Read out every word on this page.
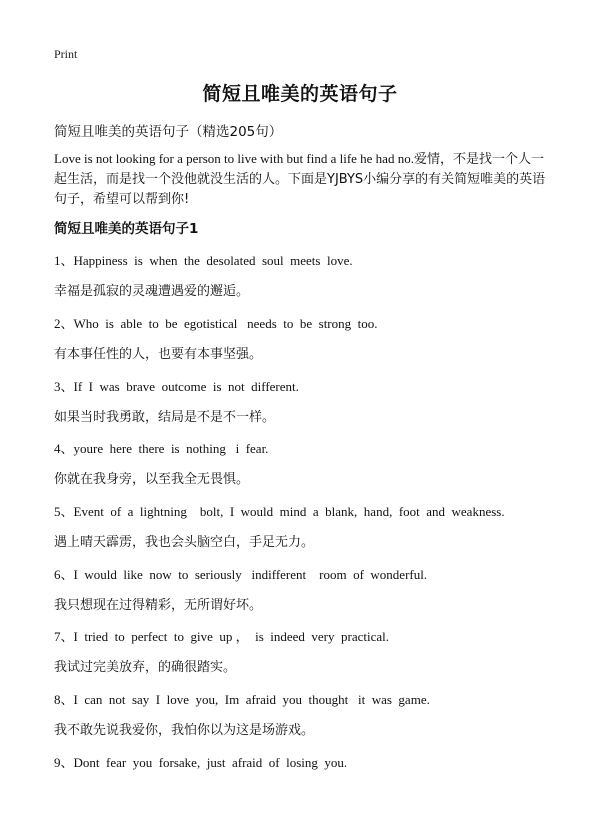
Print
简短且唯美的英语句子
简短且唯美的英语句子（精选205句）
Love is not looking for a person to live with but find a life he had no.爱情，不是找一个人一起生活，而是找一个没他就没生活的人。下面是YJBYS小编分享的有关简短唯美的英语句子，希望可以帮到你!
简短且唯美的英语句子1
1、Happiness  is  when  the  desolated  soul  meets  love.
幸福是孤寂的灵魂遭遇爱的邂逅。
2、Who  is  able  to  be  egotistical   needs  to  be  strong  too.
有本事任性的人，也要有本事坚强。
3、If  I  was  brave  outcome  is  not  different.
如果当时我勇敢，结局是不是不一样。
4、youre  here  there  is  nothing   i  fear.
你就在我身旁，以至我全无畏惧。
5、Event  of  a  lightning    bolt,  I  would  mind  a  blank,  hand,  foot  and  weakness.
遇上晴天霹雳，我也会头脑空白，手足无力。
6、I  would  like  now  to  seriously   indifferent    room  of  wonderful.
我只想现在过得精彩，无所谓好坏。
7、I  tried  to  perfect  to  give  up ，  is  indeed  very  practical.
我试过完美放弃，的确很踏实。
8、I  can  not  say  I  love  you,  Im  afraid  you  thought   it  was  game.
我不敢先说我爱你，我怕你以为这是场游戏。
9、Dont  fear  you  forsake,  just  afraid  of  losing  you.
